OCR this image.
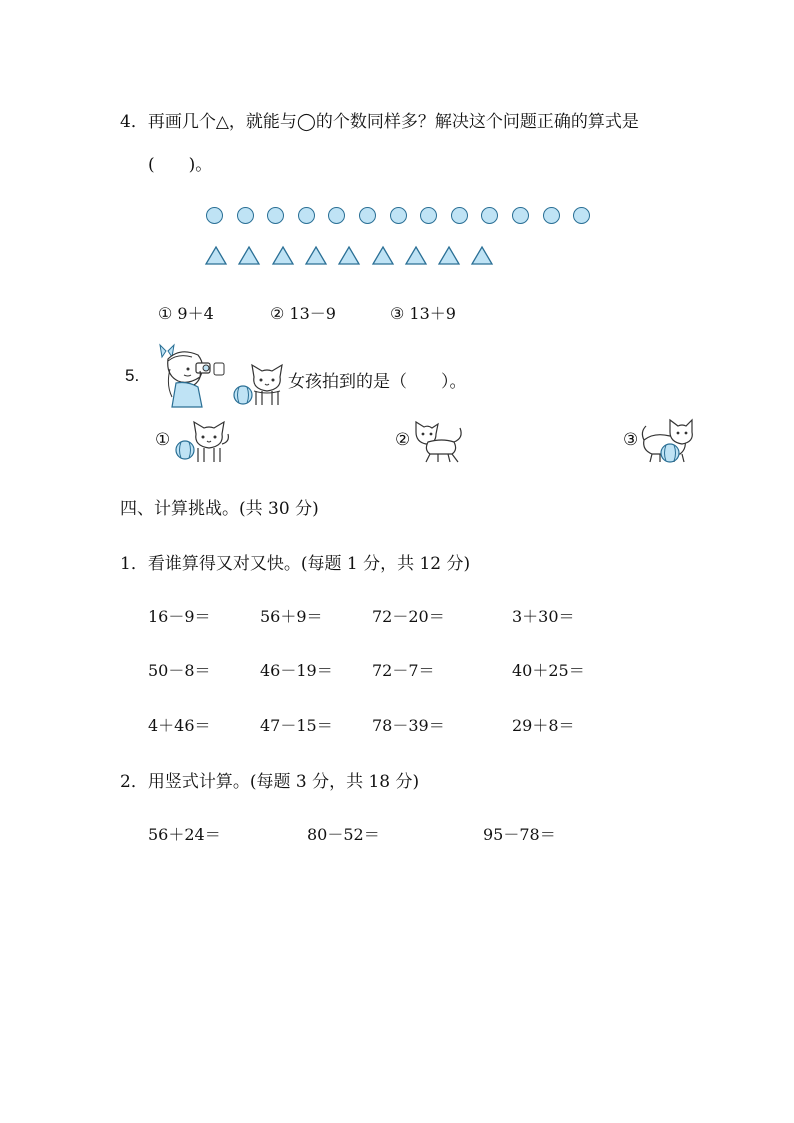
4．再画几个△，就能与◯的个数同样多？解决这个问题正确的算式是
(　　)。
① 9＋4	② 13－9	③ 13＋9
5.	女孩拍到的是（　　）。
①	②	③
四、计算挑战。(共 30 分)
1．看谁算得又对又快。(每题 1 分，共 12 分)
16－9＝	56＋9＝	72－20＝	3＋30＝
50－8＝	46－19＝ 72－7＝	40＋25＝
4＋46＝	47－15＝ 78－39＝	29＋8＝
2．用竖式计算。(每题 3 分，共 18 分)
56＋24＝	80－52＝	95－78＝
